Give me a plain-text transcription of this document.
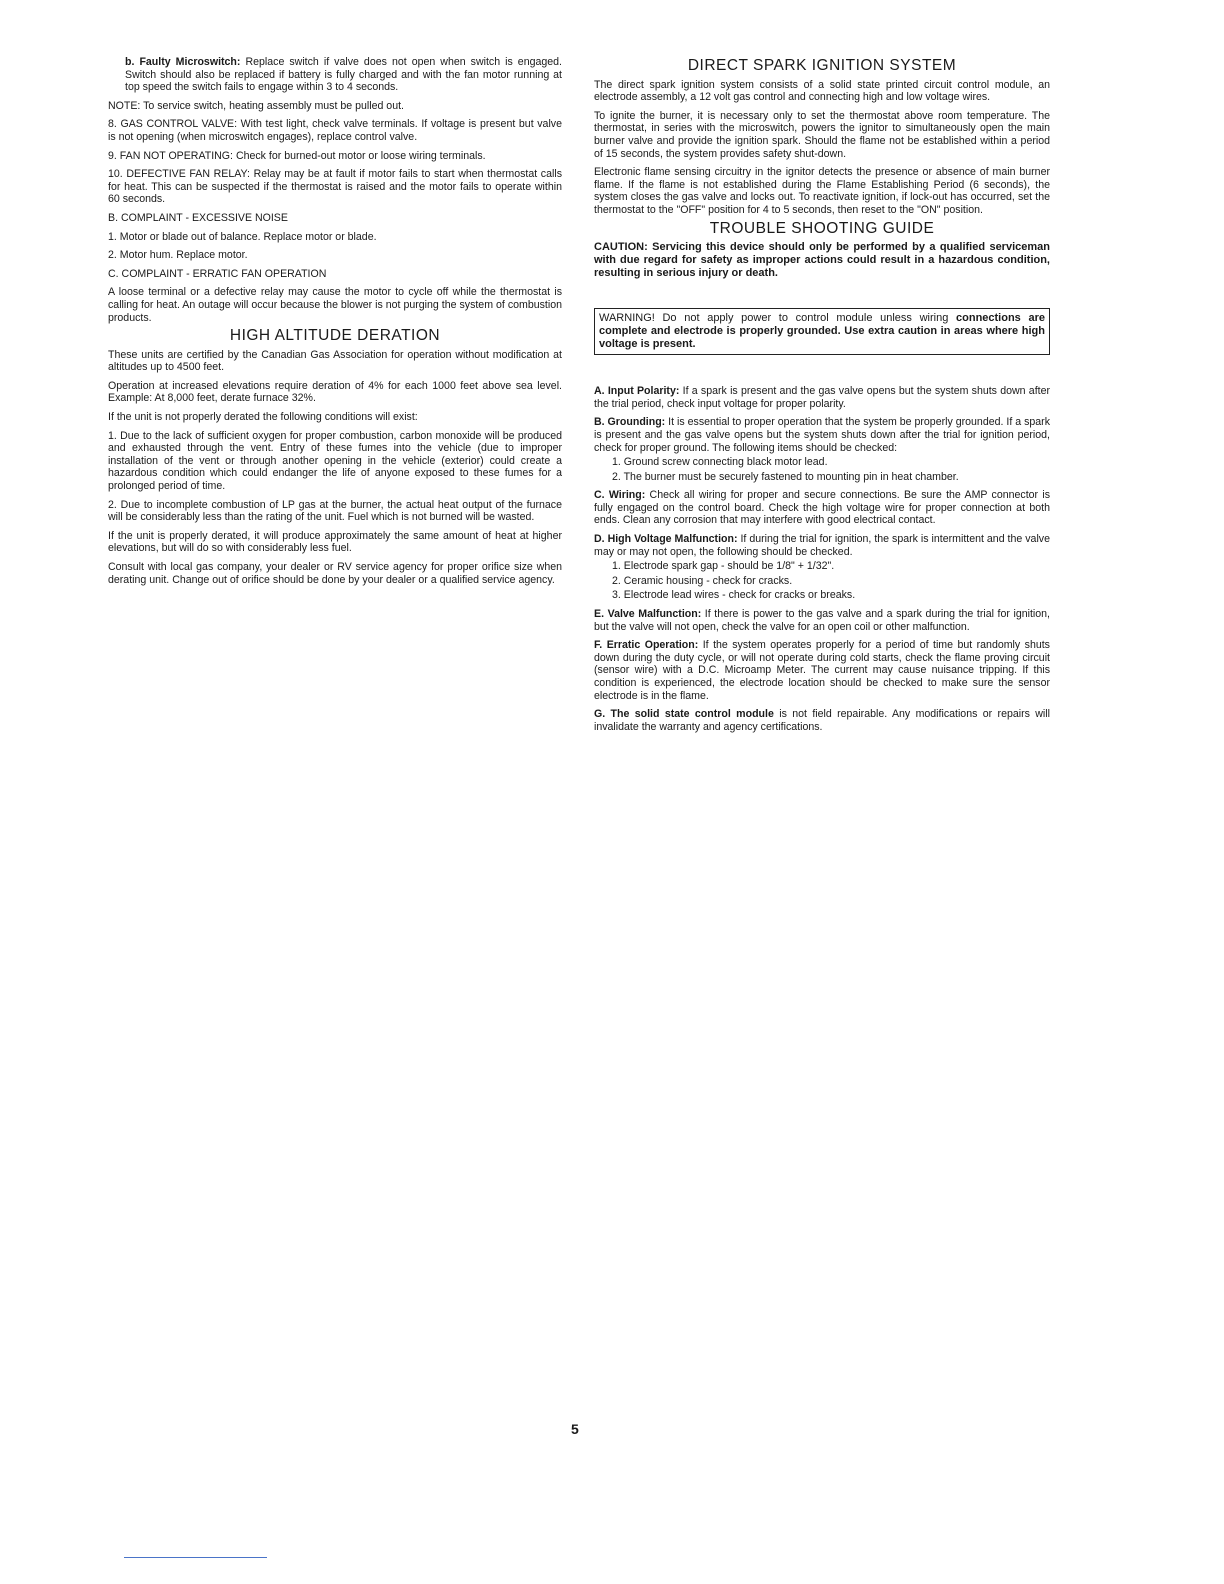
b. Faulty Microswitch: Replace switch if valve does not open when switch is engaged. Switch should also be replaced if battery is fully charged and with the fan motor running at top speed the switch fails to engage within 3 to 4 seconds.

NOTE: To service switch, heating assembly must be pulled out.

8. GAS CONTROL VALVE: With test light, check valve terminals. If voltage is present but valve is not opening (when microswitch engages), replace control valve.

9. FAN NOT OPERATING: Check for burned-out motor or loose wiring terminals.

10. DEFECTIVE FAN RELAY: Relay may be at fault if motor fails to start when thermostat calls for heat. This can be suspected if the thermostat is raised and the motor fails to operate within 60 seconds.

B. COMPLAINT - EXCESSIVE NOISE

1. Motor or blade out of balance. Replace motor or blade.

2. Motor hum. Replace motor.

C. COMPLAINT - ERRATIC FAN OPERATION

A loose terminal or a defective relay may cause the motor to cycle off while the thermostat is calling for heat. An outage will occur because the blower is not purging the system of combustion products.

HIGH ALTITUDE DERATION

These units are certified by the Canadian Gas Association for operation without modification at altitudes up to 4500 feet.

Operation at increased elevations require deration of 4% for each 1000 feet above sea level. Example: At 8,000 feet, derate furnace 32%.

If the unit is not properly derated the following conditions will exist:

1. Due to the lack of sufficient oxygen for proper combustion, carbon monoxide will be produced and exhausted through the vent. Entry of these fumes into the vehicle (due to improper installation of the vent or through another opening in the vehicle (exterior) could create a hazardous condition which could endanger the life of anyone exposed to these fumes for a prolonged period of time.

2. Due to incomplete combustion of LP gas at the burner, the actual heat output of the furnace will be considerably less than the rating of the unit. Fuel which is not burned will be wasted.

If the unit is properly derated, it will produce approximately the same amount of heat at higher elevations, but will do so with considerably less fuel.

Consult with local gas company, your dealer or RV service agency for proper orifice size when derating unit. Change out of orifice should be done by your dealer or a qualified service agency.

DIRECT SPARK IGNITION SYSTEM

The direct spark ignition system consists of a solid state printed circuit control module, an electrode assembly, a 12 volt gas control and connecting high and low voltage wires.

To ignite the burner, it is necessary only to set the thermostat above room temperature. The thermostat, in series with the microswitch, powers the ignitor to simultaneously open the main burner valve and provide the ignition spark. Should the flame not be established within a period of 15 seconds, the system provides safety shut-down.

Electronic flame sensing circuitry in the ignitor detects the presence or absence of main burner flame. If the flame is not established during the Flame Establishing Period (6 seconds), the system closes the gas valve and locks out. To reactivate ignition, if lock-out has occurred, set the thermostat to the "OFF" position for 4 to 5 seconds, then reset to the "ON" position.

TROUBLE SHOOTING GUIDE

CAUTION: Servicing this device should only be performed by a qualified serviceman with due regard for safety as improper actions could result in a hazardous condition, resulting in serious injury or death.

WARNING! Do not apply power to control module unless wiring connections are complete and electrode is properly grounded. Use extra caution in areas where high voltage is present.

A. Input Polarity: If a spark is present and the gas valve opens but the system shuts down after the trial period, check input voltage for proper polarity.

B. Grounding: It is essential to proper operation that the system be properly grounded. If a spark is present and the gas valve opens but the system shuts down after the trial for ignition period, check for proper ground. The following items should be checked:

1. Ground screw connecting black motor lead.
2. The burner must be securely fastened to mounting pin in heat chamber.

C. Wiring: Check all wiring for proper and secure connections. Be sure the AMP connector is fully engaged on the control board. Check the high voltage wire for proper connection at both ends. Clean any corrosion that may interfere with good electrical contact.

D. High Voltage Malfunction: If during the trial for ignition, the spark is intermittent and the valve may or may not open, the following should be checked.

1. Electrode spark gap - should be 1/8" + 1/32".
2. Ceramic housing - check for cracks.
3. Electrode lead wires - check for cracks or breaks.

E. Valve Malfunction: If there is power to the gas valve and a spark during the trial for ignition, but the valve will not open, check the valve for an open coil or other malfunction.

F. Erratic Operation: If the system operates properly for a period of time but randomly shuts down during the duty cycle, or will not operate during cold starts, check the flame proving circuit (sensor wire) with a D.C. Microamp Meter. The current may cause nuisance tripping. If this condition is experienced, the electrode location should be checked to make sure the sensor electrode is in the flame.

G. The solid state control module is not field repairable. Any modifications or repairs will invalidate the warranty and agency certifications.

5
